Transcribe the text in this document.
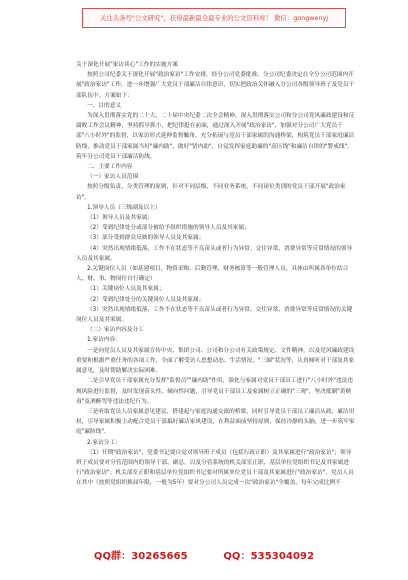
关注头条号"公文研究"，获得最新最全最专业的公文资料库！ 微信：gongwenyj

关于深化开展"家访谈心"工作的实施方案

按照公司纪委关于深化开展"政治家访"工作安排，经分公司党委批准，分公司纪委决定在全分公司范围内开展"政治家访"工作，进一步增强广大党员干部廉洁自律意识，切实把政治关怀融入分公司各级领导班子及党员干部队伍中。方案如下：

一、目的意义

为深入贯彻落实党的二十大、二十届中央纪委二次全会精神，深入贯彻落实公司和分公司党风廉政建设和反腐败工作会议精神，坚持抓早抓小、把纪律挺在前面，通过深入开展"政治家访"，加强对分公司广大党员干部"八小时外"的监督，以家访形式延伸监督触角，充分拓展与党员干部家属的沟通桥梁，构筑党员干部家庭廉洁防线，推动党员干部家属当好"廉内助"、做好"贤内助"，自觉发挥家庭助廉的"高压线"和廉洁自律的"警戒线"，筑牢分公司党员干部廉洁防线。

二、主要工作内容

（一）家访人员范围

按照分级负责、分类管理的原则，针对不同层级、不同业务系统，不同岗位类别的党员干部开展"政治家访"。

1.领导人员（三级副及以上）

（1）领导人员及其家属；

（2）受到纪律处分或部分被给予组织措施的领导人员及其家属；

（3）部分受到群众反映的领导人员及其家属；

（4）突然出现情绪低落、工作不在状态等不良苗头或者行为异常、交往异常、消费异常等反常情况的领导人员及其家属。

2.关键岗位人员（如基建项目、物资采购、后勤管理、财务核算等一般管理人员，具体由所属各单位结合人、财、事、物岗位自行确定）

（1）关键岗位人员及其家属；

（2）受到纪律处分的关键岗位人员及其家属；

（3）突然出现情绪低落、工作不在状态等不良苗头或者行为异常、交往异常、消费异常等反常情况的关键岗位人员及其家属。

（二）家访内容及分工

1.家访内容：

一是向党员人员及其家属宣传中央、集团公司、公司和分公司有关政策规定、文件精神，以及党风廉政建设重要和根据严重任务的各项工作，全面了解受访人思想动态、生活情况、"三圈"状况等，认真倾听对干部及其家属意见，及时帮助解决实际困难。

二是引导党员干部家属充分发挥"监督员""廉内助"作用，强化与家属对党员干部员工进行"八小时外"违法违规风险进行监督，及时发现苗头性、倾向性问题，引导党员干部员工及家属树立正确的"三观"，坚决抵制"黄赌毒"及酒醉驾等违法违纪行为。

三是听取党员人员家属意见建议，搭建起与家庭沟通交流的桥梁，同时引导党员干部员工廉洁从政、廉洁用权，引导家属积极主动配合党员干部搞好廉洁家风建设，在利益面前坚持原则，保持冷静的头脑，进一步筑牢家庭"廉防线"。

2.家访分工：

（1）任期"政治家访"，党委书记要自觉对领导班子成员（包括行政正职）及其家属进行"政治家访"；领导班子成员要对分管范围内的领导干部、副总，以及分管系统的机关部室正职，基层单位党组织书记及其家属进行"政治家访"；机关部室正职和基层单位党组织书记要对所属单位党员干部及其家属进行"政治家访"，党员人员在其中（按照党组织换届年限，一般为5年）要对分公司人员完成一次"政治家访"全覆盖，每年完成比例不

QQ群：30265665	QQ：535304092
